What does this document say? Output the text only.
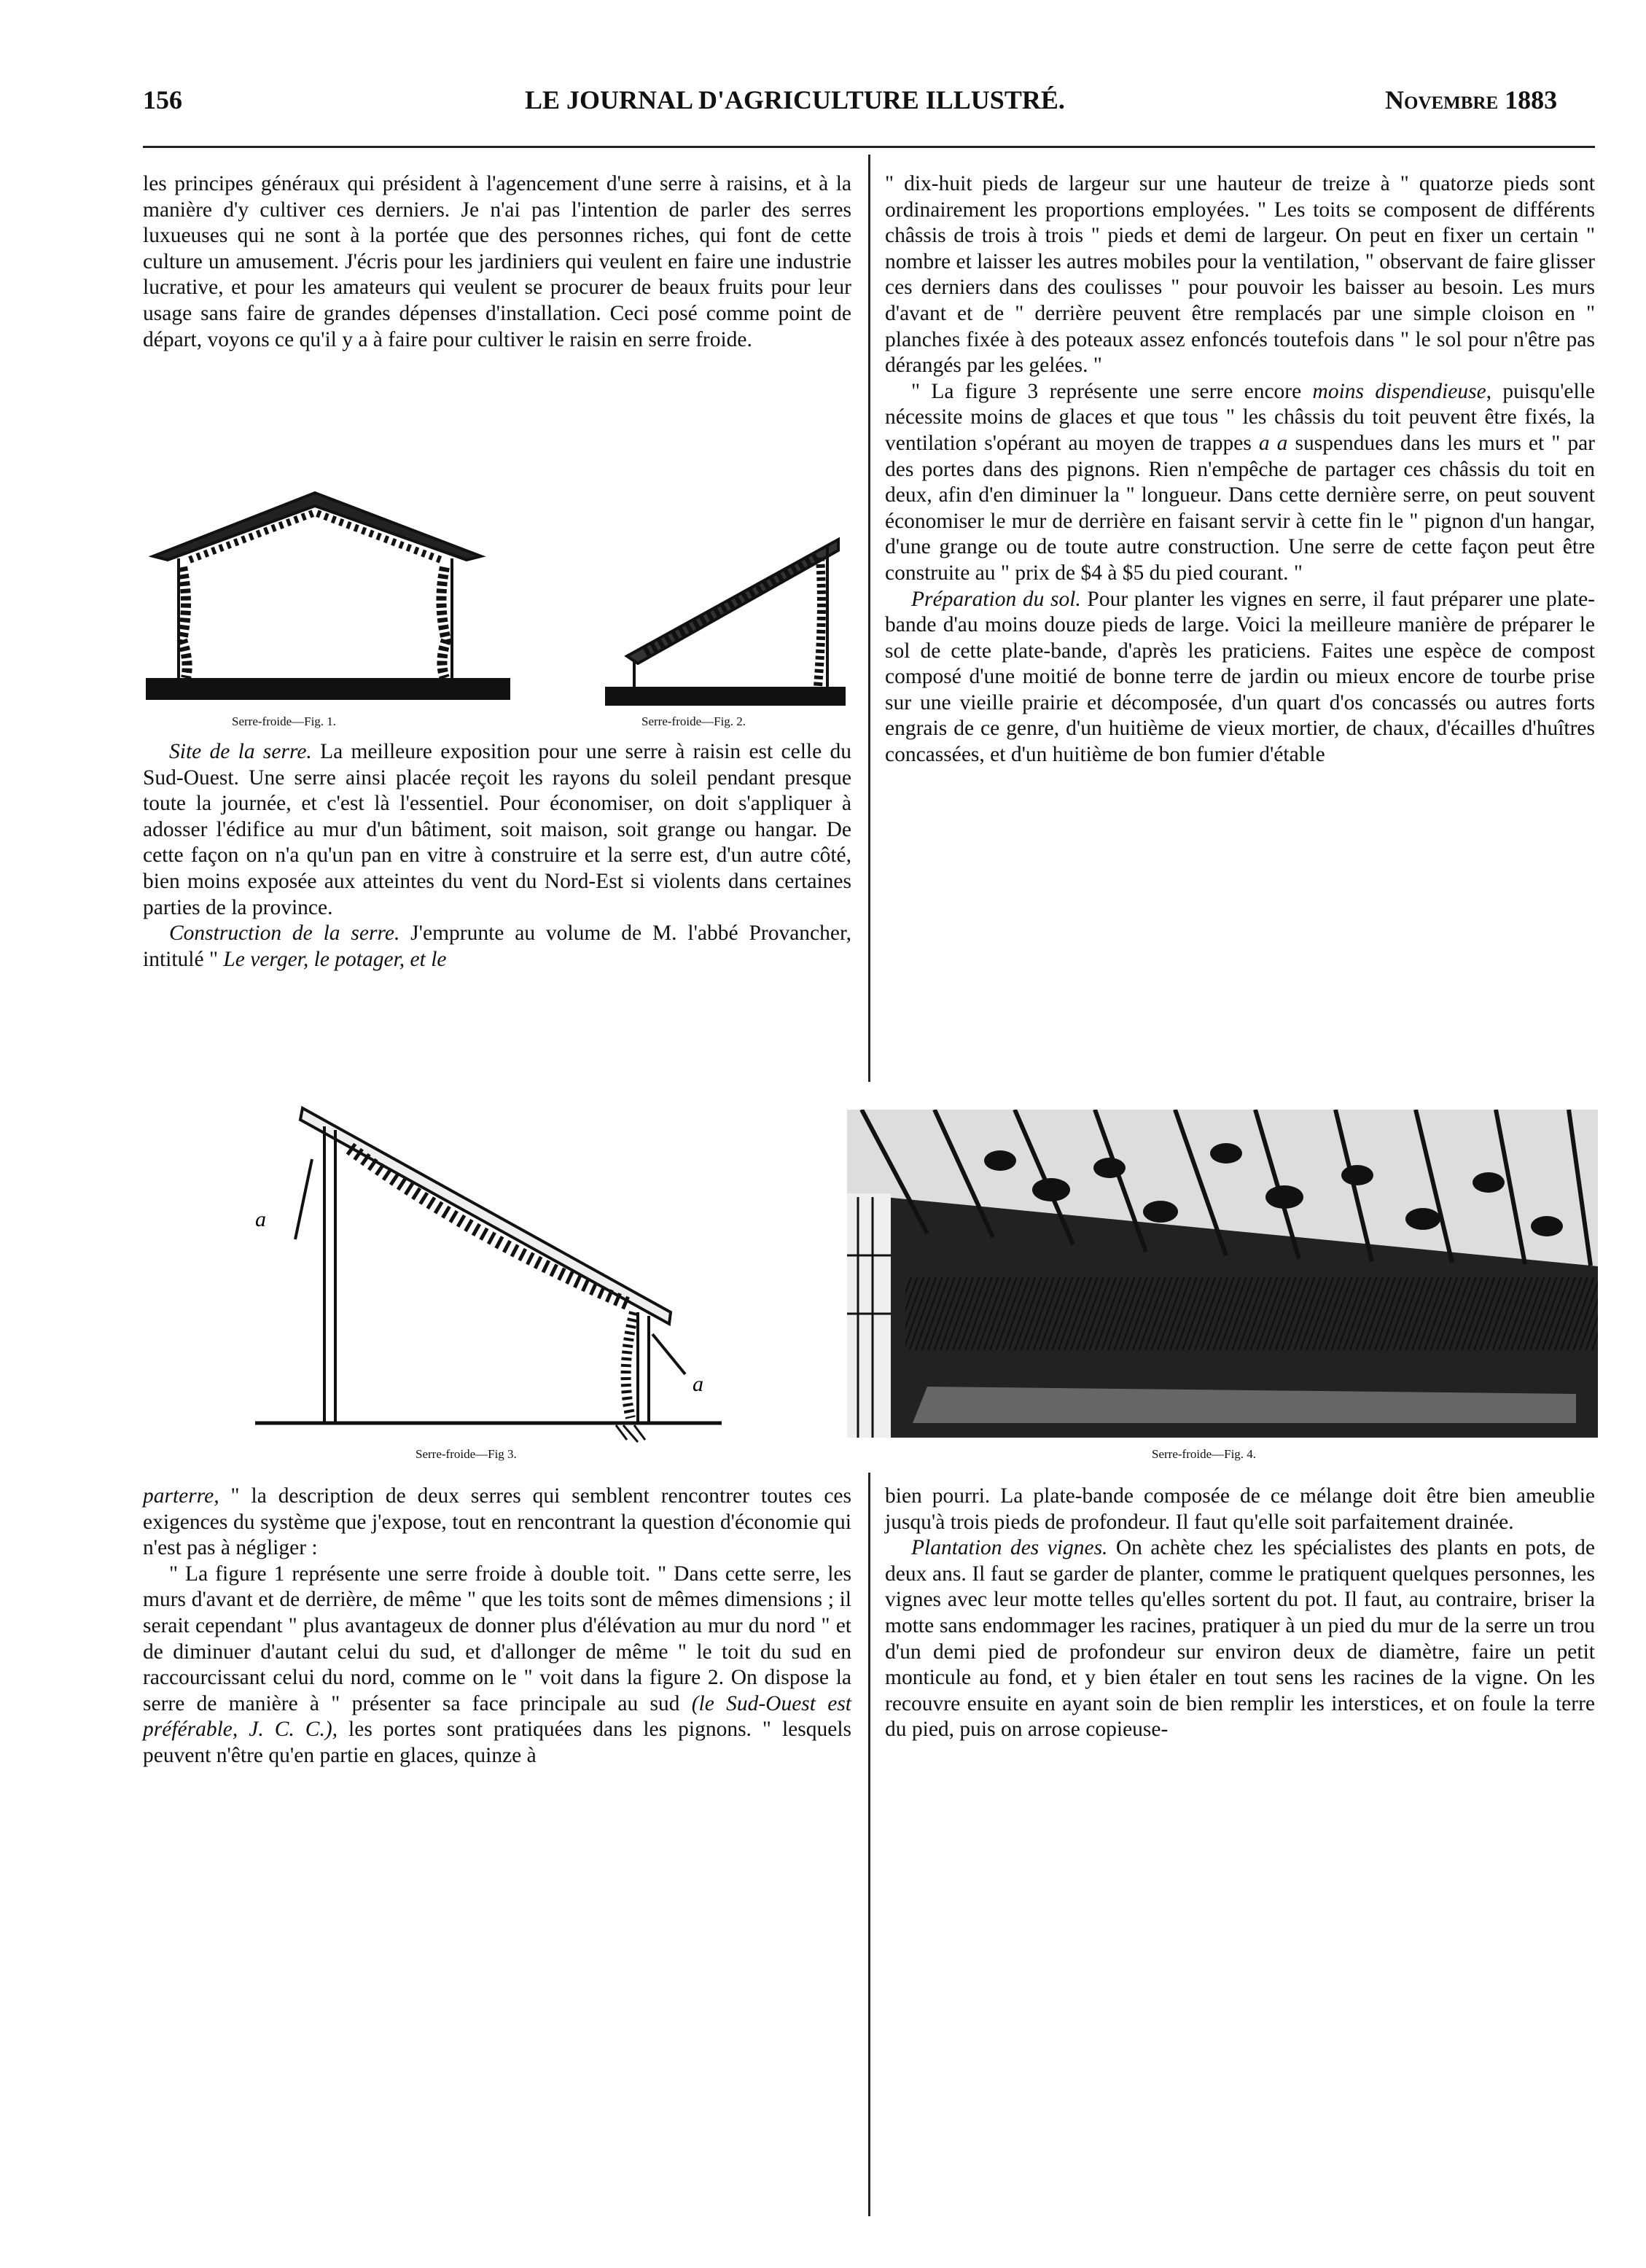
156	LE JOURNAL D'AGRICULTURE ILLUSTRÉ.	Novembre 1883

les principes généraux qui président à l'agencement d'une serre à raisins, et à la manière d'y cultiver ces derniers. Je n'ai pas l'intention de parler des serres luxueuses qui ne sont à la portée que des personnes riches, qui font de cette culture un amusement. J'écris pour les jardiniers qui veulent en faire une industrie lucrative, et pour les amateurs qui veulent se procurer de beaux fruits pour leur usage sans faire de grandes dépenses d'installation. Ceci posé comme point de départ, voyons ce qu'il y a à faire pour cultiver le raisin en serre froide.

Serre-froide—Fig. 1.	Serre-froide—Fig. 2.

Site de la serre. La meilleure exposition pour une serre à raisin est celle du Sud-Ouest. Une serre ainsi placée reçoit les rayons du soleil pendant presque toute la journée, et c'est là l'essentiel. Pour économiser, on doit s'appliquer à adosser l'édifice au mur d'un bâtiment, soit maison, soit grange ou hangar. De cette façon on n'a qu'un pan en vitre à construire et la serre est, d'un autre côté, bien moins exposée aux atteintes du vent du Nord-Est si violents dans certaines parties de la province.

Construction de la serre. J'emprunte au volume de M. l'abbé Provancher, intitulé " Le verger, le potager, et le

" dix-huit pieds de largeur sur une hauteur de treize à " quatorze pieds sont ordinairement les proportions employées. " Les toits se composent de différents châssis de trois à trois " pieds et demi de largeur. On peut en fixer un certain " nombre et laisser les autres mobiles pour la ventilation, " observant de faire glisser ces derniers dans des coulisses " pour pouvoir les baisser au besoin. Les murs d'avant et de " derrière peuvent être remplacés par une simple cloison en " planches fixée à des poteaux assez enfoncés toutefois dans " le sol pour n'être pas dérangés par les gelées. "

" La figure 3 représente une serre encore moins dispendieuse, puisqu'elle nécessite moins de glaces et que tous " les châssis du toit peuvent être fixés, la ventilation s'opérant au moyen de trappes a a suspendues dans les murs et " par des portes dans des pignons. Rien n'empêche de partager ces châssis du toit en deux, afin d'en diminuer la " longueur. Dans cette dernière serre, on peut souvent économiser le mur de derrière en faisant servir à cette fin le " pignon d'un hangar, d'une grange ou de toute autre construction. Une serre de cette façon peut être construite au " prix de $4 à $5 du pied courant. "

Préparation du sol. Pour planter les vignes en serre, il faut préparer une plate-bande d'au moins douze pieds de large. Voici la meilleure manière de préparer le sol de cette plate-bande, d'après les praticiens. Faites une espèce de compost composé d'une moitié de bonne terre de jardin ou mieux encore de tourbe prise sur une vieille prairie et décomposée, d'un quart d'os concassés ou autres forts engrais de ce genre, d'un huitième de vieux mortier, de chaux, d'écailles d'huîtres concassées, et d'un huitième de bon fumier d'étable

a
a
Serre-froide—Fig 3.	Serre-froide—Fig. 4.

parterre, " la description de deux serres qui semblent rencontrer toutes ces exigences du système que j'expose, tout en rencontrant la question d'économie qui n'est pas à négliger :

" La figure 1 représente une serre froide à double toit. " Dans cette serre, les murs d'avant et de derrière, de même " que les toits sont de mêmes dimensions ; il serait cependant " plus avantageux de donner plus d'élévation au mur du nord " et de diminuer d'autant celui du sud, et d'allonger de même " le toit du sud en raccourcissant celui du nord, comme on le " voit dans la figure 2. On dispose la serre de manière à " présenter sa face principale au sud (le Sud-Ouest est préférable, J. C. C.), les portes sont pratiquées dans les pignons. " lesquels peuvent n'être qu'en partie en glaces, quinze à

bien pourri. La plate-bande composée de ce mélange doit être bien ameublie jusqu'à trois pieds de profondeur. Il faut qu'elle soit parfaitement drainée.

Plantation des vignes. On achète chez les spécialistes des plants en pots, de deux ans. Il faut se garder de planter, comme le pratiquent quelques personnes, les vignes avec leur motte telles qu'elles sortent du pot. Il faut, au contraire, briser la motte sans endommager les racines, pratiquer à un pied du mur de la serre un trou d'un demi pied de profondeur sur environ deux de diamètre, faire un petit monticule au fond, et y bien étaler en tout sens les racines de la vigne. On les recouvre ensuite en ayant soin de bien remplir les interstices, et on foule la terre du pied, puis on arrose copieuse-
